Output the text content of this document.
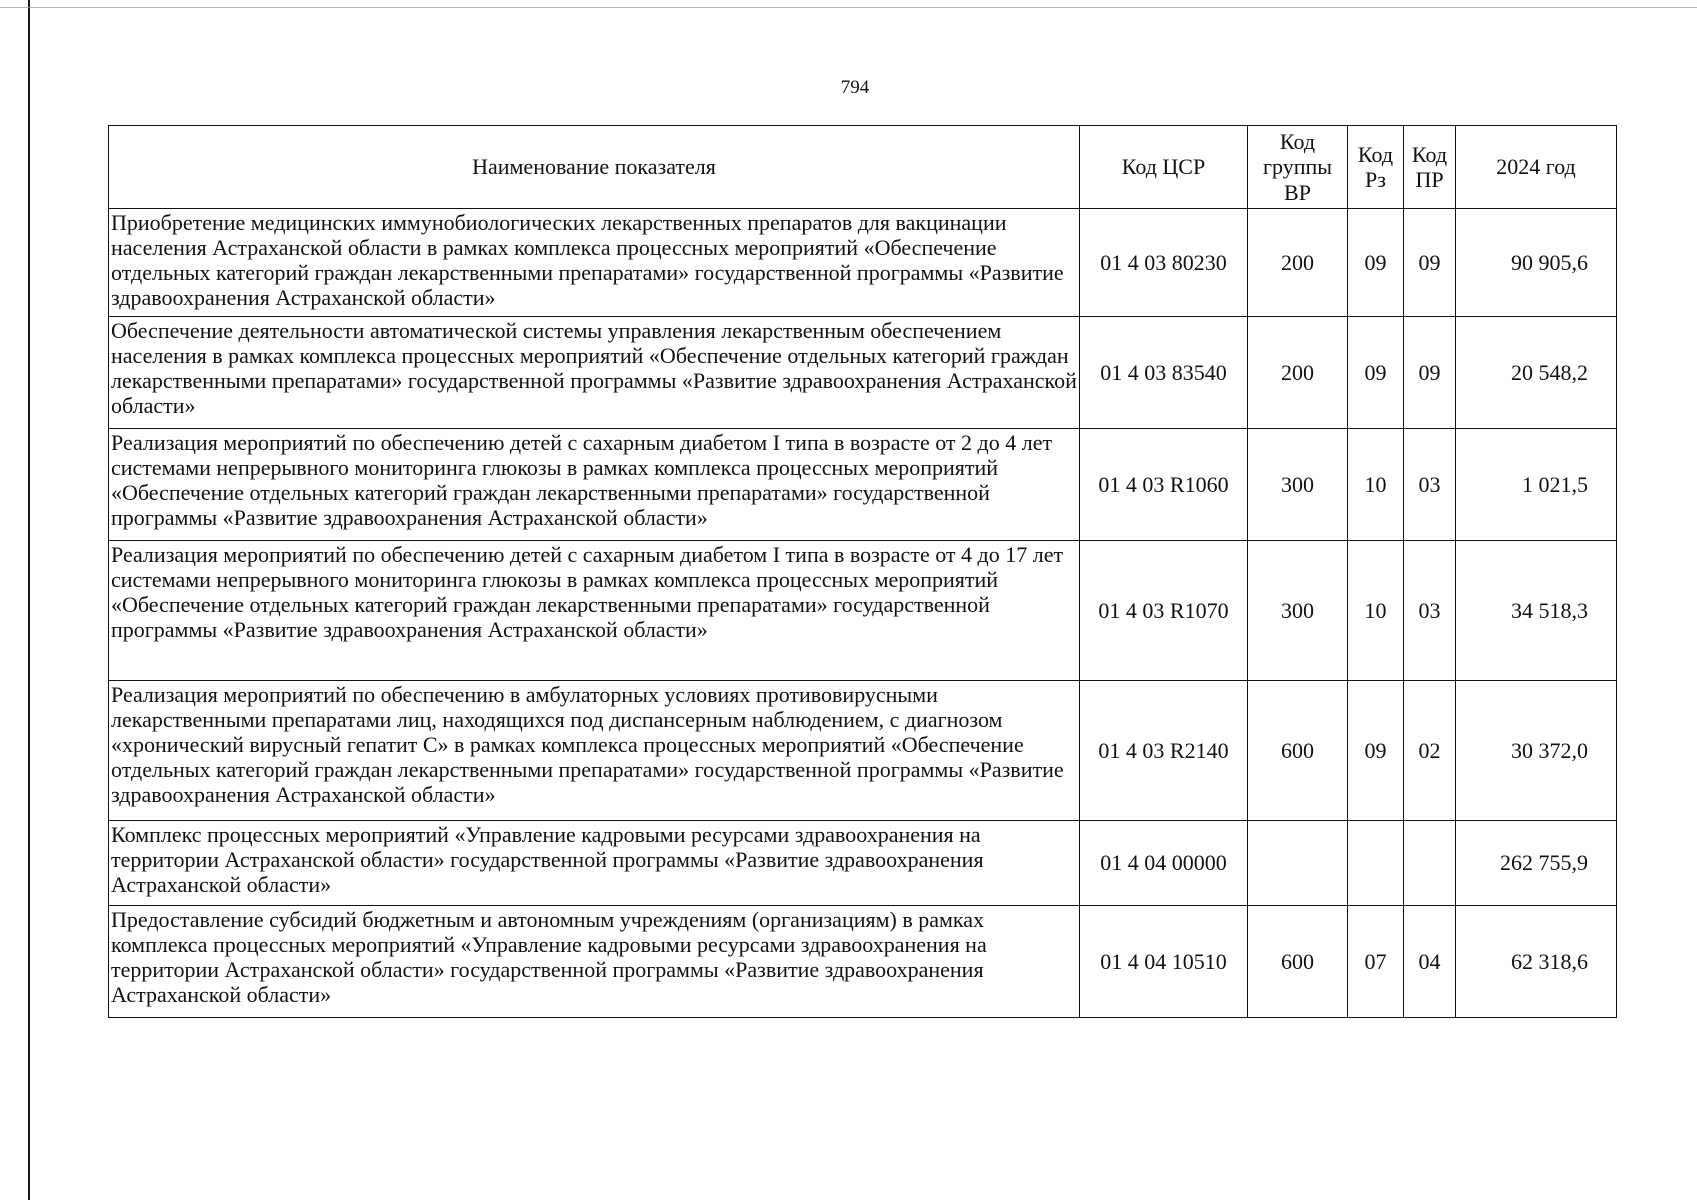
794
Наименование показателя	Код ЦСР	Код группы ВР	Код Рз	Код ПР	2024 год
Приобретение медицинских иммунобиологических лекарственных препаратов для вакцинации населения Астраханской области в рамках комплекса процессных мероприятий «Обеспечение отдельных категорий граждан лекарственными препаратами» государственной программы «Развитие здравоохранения Астраханской области»	01 4 03 80230	200	09	09	90 905,6
Обеспечение деятельности автоматической системы управления лекарственным обеспечением населения в рамках комплекса процессных мероприятий «Обеспечение отдельных категорий граждан лекарственными препаратами» государственной программы «Развитие здравоохранения Астраханской области»	01 4 03 83540	200	09	09	20 548,2
Реализация мероприятий по обеспечению детей с сахарным диабетом I типа в возрасте от 2 до 4 лет системами непрерывного мониторинга глюкозы в рамках комплекса процессных мероприятий «Обеспечение отдельных категорий граждан лекарственными препаратами» государственной программы «Развитие здравоохранения Астраханской области»	01 4 03 R1060	300	10	03	1 021,5
Реализация мероприятий по обеспечению детей с сахарным диабетом I типа в возрасте от 4 до 17 лет системами непрерывного мониторинга глюкозы в рамках комплекса процессных мероприятий «Обеспечение отдельных категорий граждан лекарственными препаратами» государственной программы «Развитие здравоохранения Астраханской области»	01 4 03 R1070	300	10	03	34 518,3
Реализация мероприятий по обеспечению в амбулаторных условиях противовирусными лекарственными препаратами лиц, находящихся под диспансерным наблюдением, с диагнозом «хронический вирусный гепатит С» в рамках комплекса процессных мероприятий «Обеспечение отдельных категорий граждан лекарственными препаратами» государственной программы «Развитие здравоохранения Астраханской области»	01 4 03 R2140	600	09	02	30 372,0
Комплекс процессных мероприятий «Управление кадровыми ресурсами здравоохранения на территории Астраханской области» государственной программы «Развитие здравоохранения Астраханской области»	01 4 04 00000				262 755,9
Предоставление субсидий бюджетным и автономным учреждениям (организациям) в рамках комплекса процессных мероприятий «Управление кадровыми ресурсами здравоохранения на территории Астраханской области» государственной программы «Развитие здравоохранения Астраханской области»	01 4 04 10510	600	07	04	62 318,6
